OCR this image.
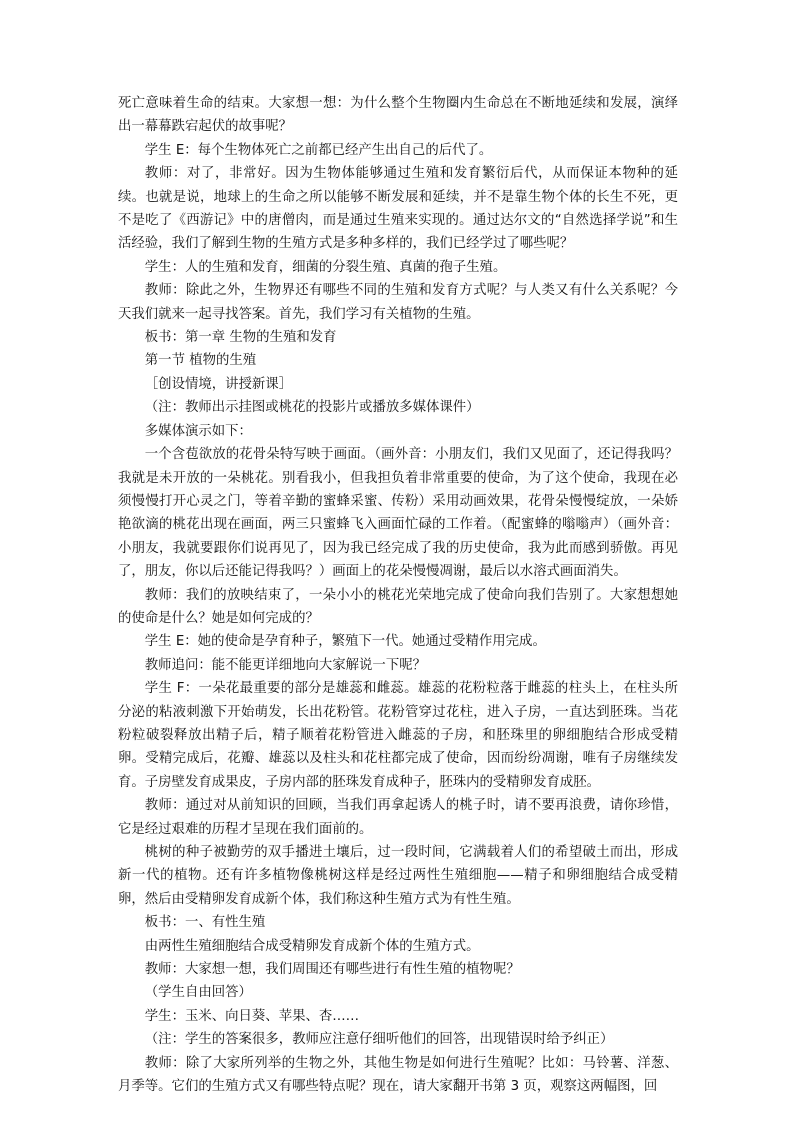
死亡意味着生命的结束。大家想一想：为什么整个生物圈内生命总在不断地延续和发展，演绎出一幕幕跌宕起伏的故事呢？

学生 E：每个生物体死亡之前都已经产生出自己的后代了。

教师：对了，非常好。因为生物体能够通过生殖和发育繁衍后代，从而保证本物种的延续。也就是说，地球上的生命之所以能够不断发展和延续，并不是靠生物个体的长生不死，更不是吃了《西游记》中的唐僧肉，而是通过生殖来实现的。通过达尔文的“自然选择学说”和生活经验，我们了解到生物的生殖方式是多种多样的，我们已经学过了哪些呢？

学生：人的生殖和发育，细菌的分裂生殖、真菌的孢子生殖。

教师：除此之外，生物界还有哪些不同的生殖和发育方式呢？与人类又有什么关系呢？今天我们就来一起寻找答案。首先，我们学习有关植物的生殖。

板书：第一章 生物的生殖和发育

第一节 植物的生殖

［创设情境，讲授新课］

（注：教师出示挂图或桃花的投影片或播放多媒体课件）

多媒体演示如下：

一个含苞欲放的花骨朵特写映于画面。（画外音：小朋友们，我们又见面了，还记得我吗？我就是未开放的一朵桃花。别看我小，但我担负着非常重要的使命，为了这个使命，我现在必须慢慢打开心灵之门，等着辛勤的蜜蜂采蜜、传粉）采用动画效果，花骨朵慢慢绽放，一朵娇艳欲滴的桃花出现在画面，两三只蜜蜂飞入画面忙碌的工作着。（配蜜蜂的嗡嗡声）（画外音：小朋友，我就要跟你们说再见了，因为我已经完成了我的历史使命，我为此而感到骄傲。再见了，朋友，你以后还能记得我吗？）画面上的花朵慢慢凋谢，最后以水溶式画面消失。

教师：我们的放映结束了，一朵小小的桃花光荣地完成了使命向我们告别了。大家想想她的使命是什么？她是如何完成的？

学生 E：她的使命是孕育种子，繁殖下一代。她通过受精作用完成。

教师追问：能不能更详细地向大家解说一下呢？

学生 F：一朵花最重要的部分是雄蕊和雌蕊。雄蕊的花粉粒落于雌蕊的柱头上，在柱头所分泌的粘液刺激下开始萌发，长出花粉管。花粉管穿过花柱，进入子房，一直达到胚珠。当花粉粒破裂释放出精子后，精子顺着花粉管进入雌蕊的子房，和胚珠里的卵细胞结合形成受精卵。受精完成后，花瓣、雄蕊以及柱头和花柱都完成了使命，因而纷纷凋谢，唯有子房继续发育。子房壁发育成果皮，子房内部的胚珠发育成种子，胚珠内的受精卵发育成胚。

教师：通过对从前知识的回顾，当我们再拿起诱人的桃子时，请不要再浪费，请你珍惜，它是经过艰难的历程才呈现在我们面前的。

桃树的种子被勤劳的双手播进土壤后，过一段时间，它满载着人们的希望破土而出，形成新一代的植物。还有许多植物像桃树这样是经过两性生殖细胞——精子和卵细胞结合成受精卵，然后由受精卵发育成新个体，我们称这种生殖方式为有性生殖。

板书：一、有性生殖

由两性生殖细胞结合成受精卵发育成新个体的生殖方式。

教师：大家想一想，我们周围还有哪些进行有性生殖的植物呢？

（学生自由回答）

学生：玉米、向日葵、苹果、杏……

（注：学生的答案很多，教师应注意仔细听他们的回答，出现错误时给予纠正）

教师：除了大家所列举的生物之外，其他生物是如何进行生殖呢？比如：马铃薯、洋葱、月季等。它们的生殖方式又有哪些特点呢？现在，请大家翻开书第 3 页，观察这两幅图，回
